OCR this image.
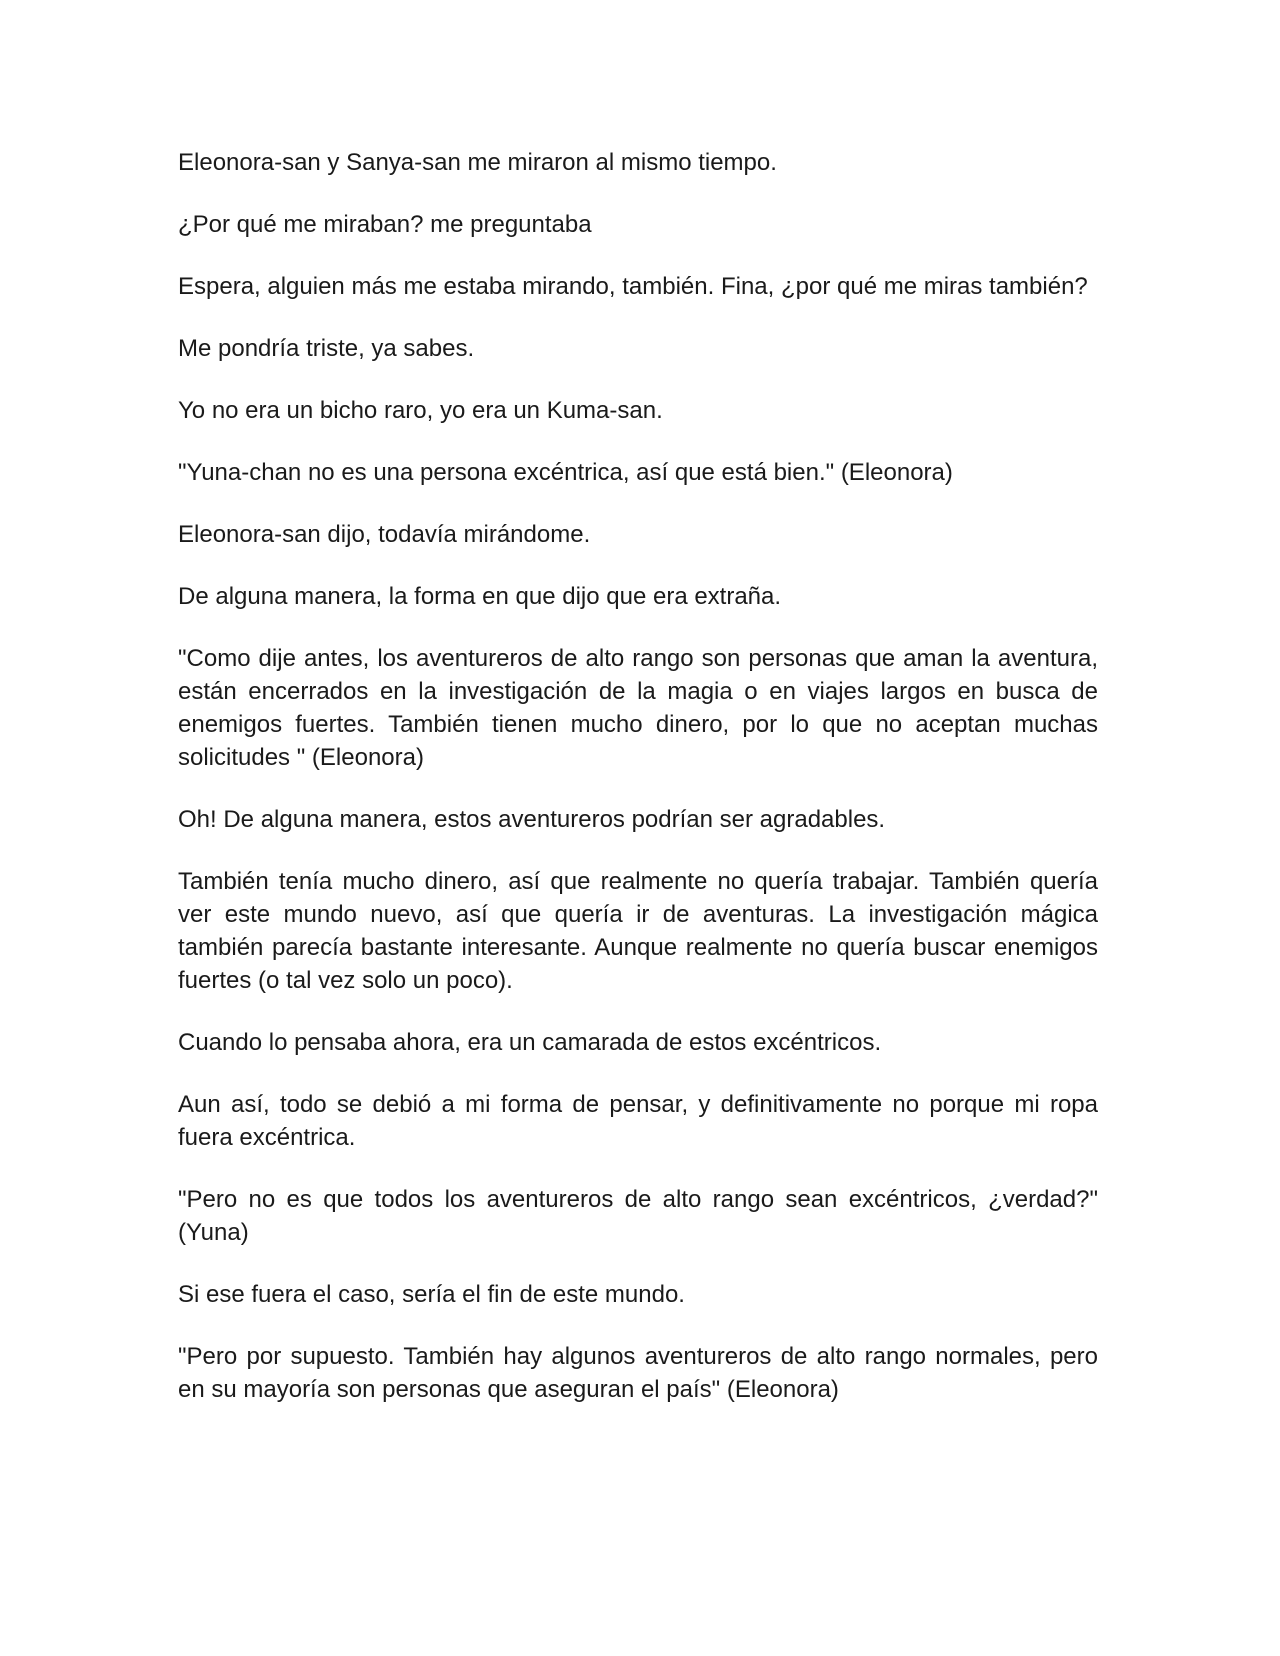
Eleonora-san y Sanya-san me miraron al mismo tiempo.

¿Por qué me miraban? me preguntaba

Espera, alguien más me estaba mirando, también. Fina, ¿por qué me miras también?

Me pondría triste, ya sabes.

Yo no era un bicho raro, yo era un Kuma-san.

"Yuna-chan no es una persona excéntrica, así que está bien." (Eleonora)

Eleonora-san dijo, todavía mirándome.

De alguna manera, la forma en que dijo que era extraña.

"Como dije antes, los aventureros de alto rango son personas que aman la aventura, están encerrados en la investigación de la magia o en viajes largos en busca de enemigos fuertes. También tienen mucho dinero, por lo que no aceptan muchas solicitudes " (Eleonora)

Oh! De alguna manera, estos aventureros podrían ser agradables.

También tenía mucho dinero, así que realmente no quería trabajar. También quería ver este mundo nuevo, así que quería ir de aventuras. La investigación mágica también parecía bastante interesante. Aunque realmente no quería buscar enemigos fuertes (o tal vez solo un poco).

Cuando lo pensaba ahora, era un camarada de estos excéntricos.

Aun así, todo se debió a mi forma de pensar, y definitivamente no porque mi ropa fuera excéntrica.

"Pero no es que todos los aventureros de alto rango sean excéntricos, ¿verdad?" (Yuna)

Si ese fuera el caso, sería el fin de este mundo.

"Pero por supuesto. También hay algunos aventureros de alto rango normales, pero en su mayoría son personas que aseguran el país" (Eleonora)
